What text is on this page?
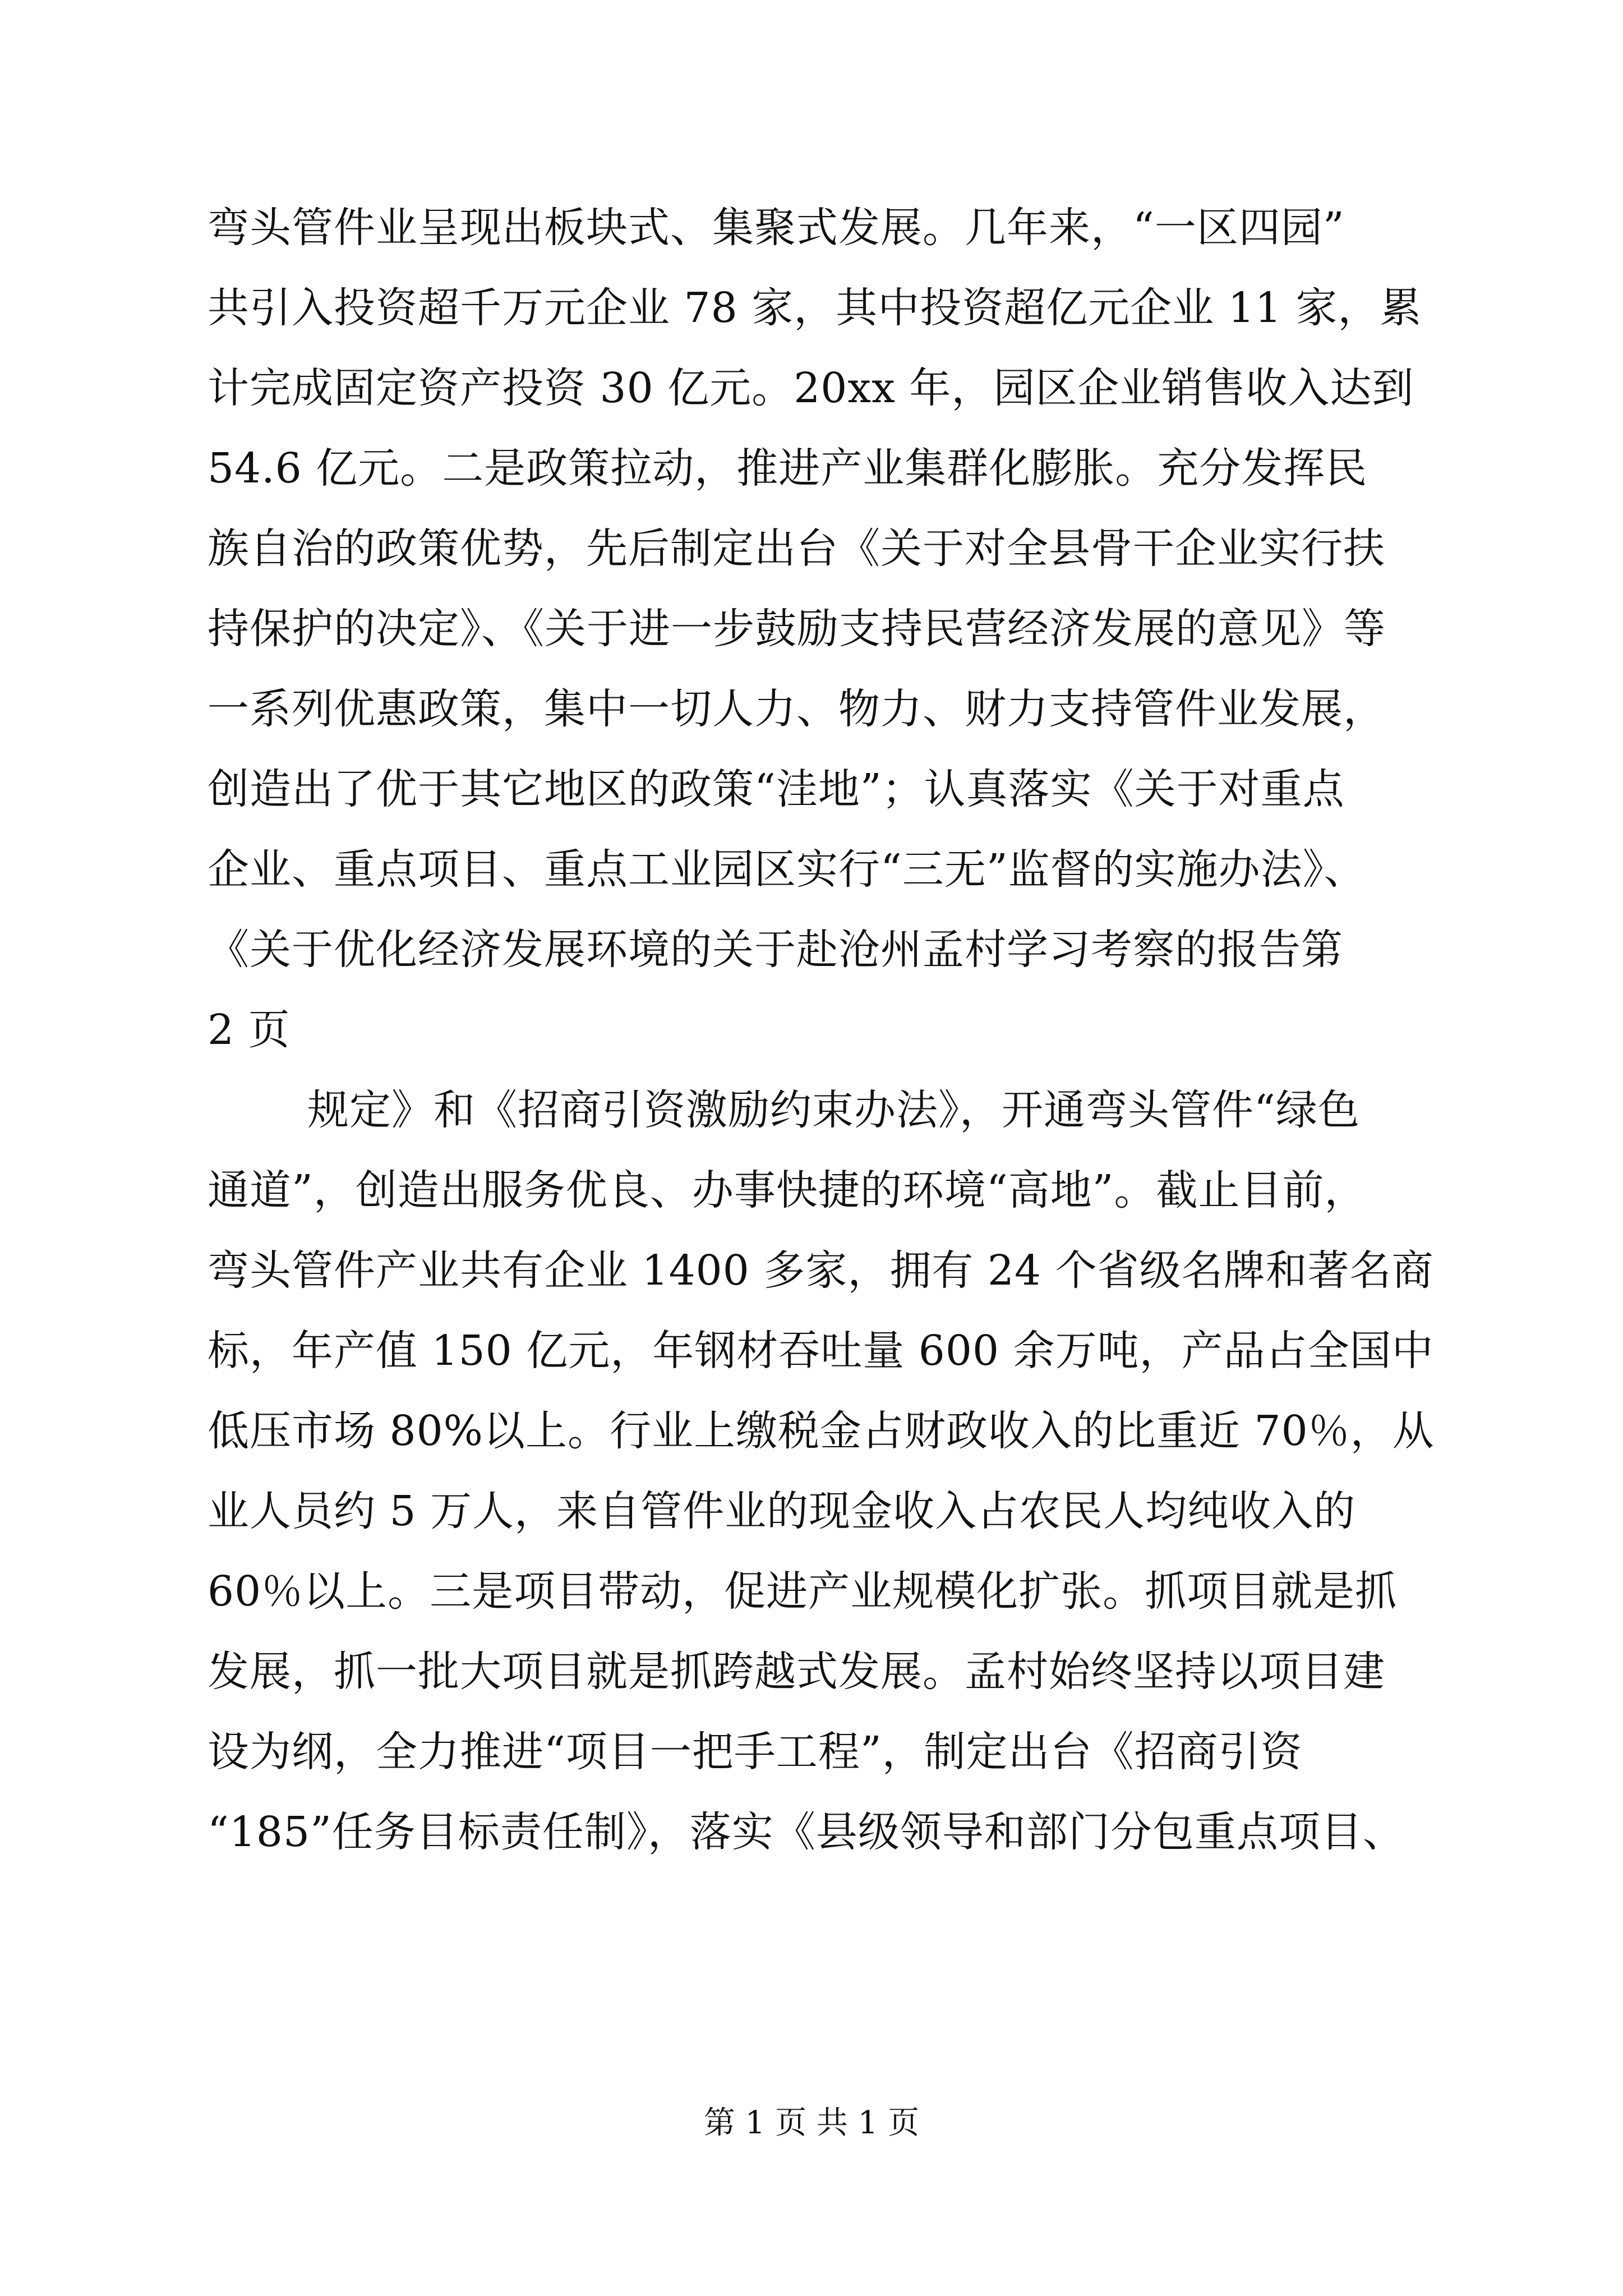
弯头管件业呈现出板块式、集聚式发展。几年来，“一区四园”
共引入投资超千万元企业 78 家，其中投资超亿元企业 11 家，累
计完成固定资产投资 30 亿元。20xx 年，园区企业销售收入达到
54.6 亿元。二是政策拉动，推进产业集群化膨胀。充分发挥民
族自治的政策优势，先后制定出台《关于对全县骨干企业实行扶
持保护的决定》、《关于进一步鼓励支持民营经济发展的意见》等
一系列优惠政策，集中一切人力、物力、财力支持管件业发展，
创造出了优于其它地区的政策“洼地”；认真落实《关于对重点
企业、重点项目、重点工业园区实行“三无”监督的实施办法》、
《关于优化经济发展环境的关于赴沧州孟村学习考察的报告第
2 页
规定》和《招商引资激励约束办法》，开通弯头管件“绿色
通道”，创造出服务优良、办事快捷的环境“高地”。截止目前，
弯头管件产业共有企业 1400 多家，拥有 24 个省级名牌和著名商
标，年产值 150 亿元，年钢材吞吐量 600 余万吨，产品占全国中
低压市场 80%以上。行业上缴税金占财政收入的比重近 70％，从
业人员约 5 万人，来自管件业的现金收入占农民人均纯收入的
60％以上。三是项目带动，促进产业规模化扩张。抓项目就是抓
发展，抓一批大项目就是抓跨越式发展。孟村始终坚持以项目建
设为纲，全力推进“项目一把手工程”，制定出台《招商引资
“185”任务目标责任制》，落实《县级领导和部门分包重点项目、
第 1 页 共 1 页
